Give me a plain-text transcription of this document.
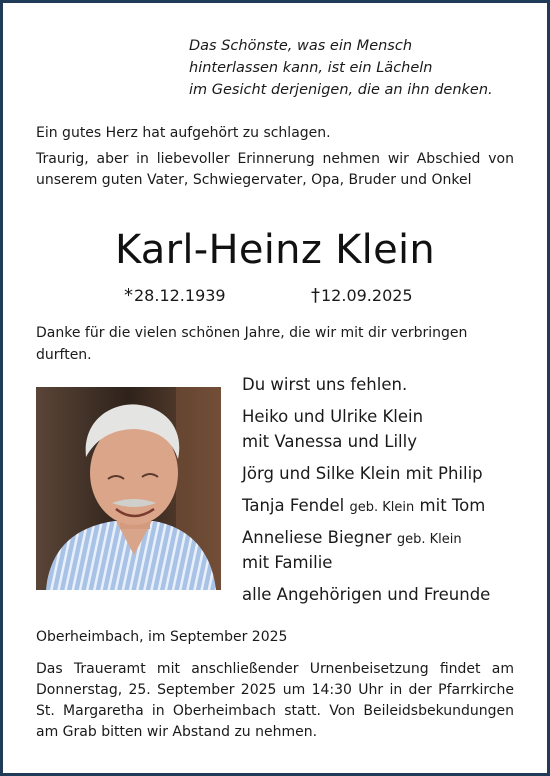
Das Schönste, was ein Mensch
hinterlassen kann, ist ein Lächeln
im Gesicht derjenigen, die an ihn denken.

Ein gutes Herz hat aufgehört zu schlagen.

Traurig, aber in liebevoller Erinnerung nehmen wir Abschied von unserem guten Vater, Schwiegervater, Opa, Bruder und Onkel

Karl-Heinz Klein
*28.12.1939	†12.09.2025

Danke für die vielen schönen Jahre, die wir mit dir verbringen durften.

Du wirst uns fehlen.
Heiko und Ulrike Klein
mit Vanessa und Lilly
Jörg und Silke Klein mit Philip
Tanja Fendel geb. Klein mit Tom
Anneliese Biegner geb. Klein
mit Familie
alle Angehörigen und Freunde

Oberheimbach, im September 2025

Das Traueramt mit anschließender Urnenbeisetzung findet am Donnerstag, 25. September 2025 um 14:30 Uhr in der Pfarrkirche St. Margaretha in Oberheimbach statt. Von Beileidsbekundungen am Grab bitten wir Abstand zu nehmen.
